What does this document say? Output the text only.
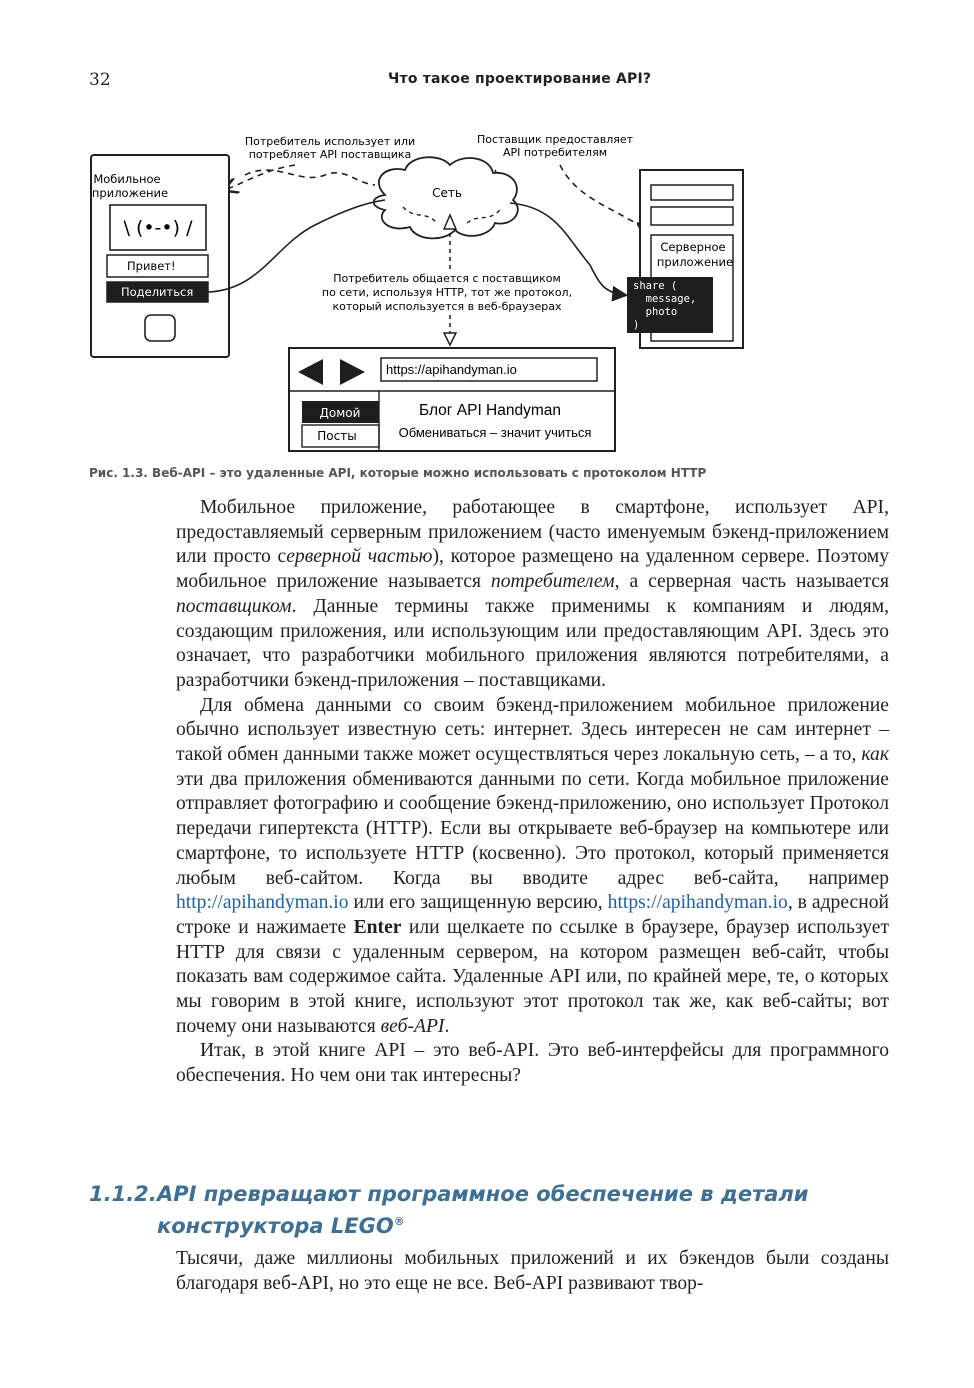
32	Что такое проектирование API?
Потребитель использует или
потребляет API поставщика
Поставщик предоставляет
API потребителям
Сеть
Мобильное
приложение
\ (•-•) /
Привет!
Поделиться
Серверное
приложение
share (
message,
photo
)
Потребитель общается с поставщиком
по сети, используя HTTP, тот же протокол,
который используется в веб-браузерах
https://apihandyman.io
Домой
Посты
Блог API Handyman
Обмениваться – значит учиться
Рис. 1.3. Веб-API – это удаленные API, которые можно использовать с протоколом HTTP

Мобильное приложение, работающее в смартфоне, использует API, предоставляемый серверным приложением (часто именуемым бэкенд-приложением или просто серверной частью), которое размещено на удаленном сервере. Поэтому мобильное приложение называется потребителем, а серверная часть называется поставщиком. Данные термины также применимы к компаниям и людям, создающим приложения, или использующим или предоставляющим API. Здесь это означает, что разработчики мобильного приложения являются потребителями, а разработчики бэкенд-приложения – поставщиками.

Для обмена данными со своим бэкенд-приложением мобильное приложение обычно использует известную сеть: интернет. Здесь интересен не сам интернет – такой обмен данными также может осуществляться через локальную сеть, – а то, как эти два приложения обмениваются данными по сети. Когда мобильное приложение отправляет фотографию и сообщение бэкенд-приложению, оно использует Протокол передачи гипертекста (HTTP). Если вы открываете веб-браузер на компьютере или смартфоне, то используете HTTP (косвенно). Это протокол, который применяется любым веб-сайтом. Когда вы вводите адрес веб-сайта, например http://apihandyman.io или его защищенную версию, https://apihandyman.io, в адресной строке и нажимаете Enter или щелкаете по ссылке в браузере, браузер использует HTTP для связи с удаленным сервером, на котором размещен веб-сайт, чтобы показать вам содержимое сайта. Удаленные API или, по крайней мере, те, о которых мы говорим в этой книге, используют этот протокол так же, как веб-сайты; вот почему они называются веб-API.

Итак, в этой книге API – это веб-API. Это веб-интерфейсы для программного обеспечения. Но чем они так интересны?

1.1.2.API превращают программное обеспечение в детали
конструктора LEGO®

Тысячи, даже миллионы мобильных приложений и их бэкендов были созданы благодаря веб-API, но это еще не все. Веб-API развивают твор-
